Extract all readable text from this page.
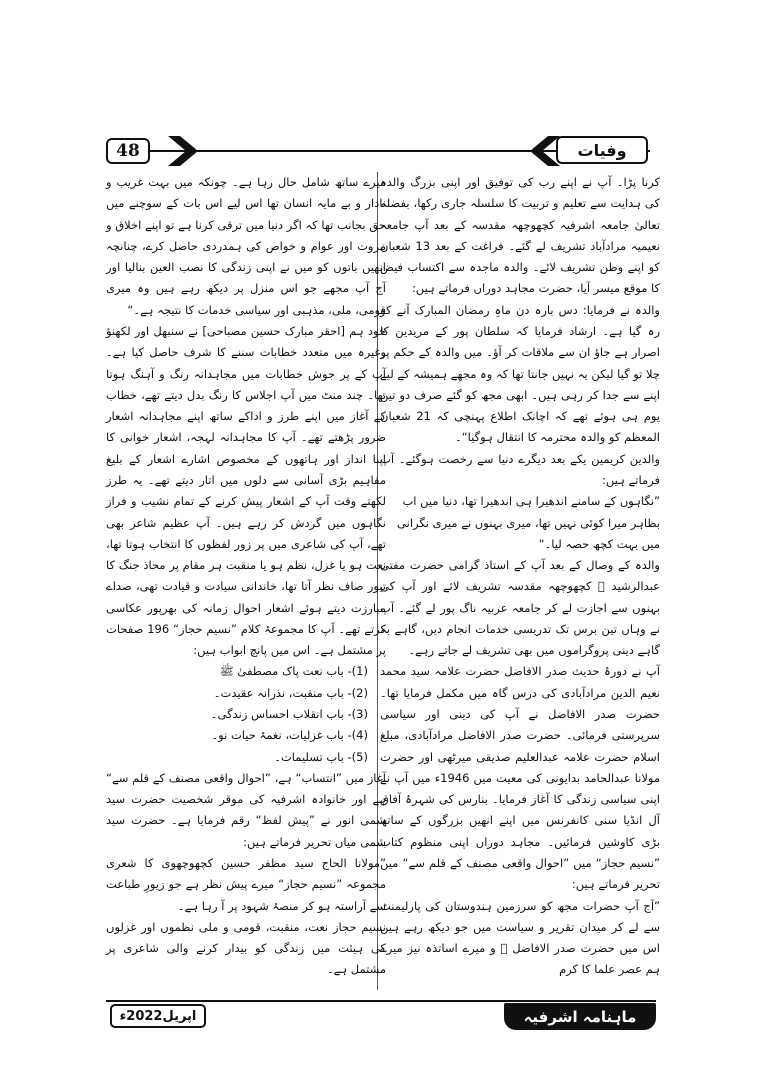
48	وفیات

کرنا پڑا۔ آپ نے اپنے رب کی توفیق اور اپنی بزرگ والدہ کی ہدایت سے تعلیم و تربیت کا سلسلہ جاری رکھا، بفضلہ تعالیٰ جامعہ اشرفیہ کچھوچھہ مقدسہ کے بعد آپ جامعہ نعیمیہ مرادآباد تشریف لے گئے۔ فراغت کے بعد 13 شعبان کو اپنے وطن تشریف لائے۔ والدہ ماجدہ سے اکتساب فیض کا موقع میسر آیا، حضرت مجاہد دوراں فرماتے ہیں:

والدہ نے فرمایا: دس بارہ دن ماہِ رمضان المبارک آنے کو رہ گیا ہے۔ ارشاد فرمایا کہ سلطان پور کے مریدین کا اصرار ہے جاؤ ان سے ملاقات کر آؤ۔ میں والدہ کے حکم پر چلا تو گیا لیکن یہ نہیں جانتا تھا کہ وہ مجھے ہمیشہ کے لیے اپنے سے جدا کر رہی ہیں۔ ابھی مجھ کو گئے صرف دو تین یوم ہی ہوئے تھے کہ اچانک اطلاع پہنچی کہ 21 شعبان المعظم کو والدہ محترمہ کا انتقال ہوگیا“۔

والدین کریمین یکے بعد دیگرے دنیا سے رخصت ہوگئے۔ آپ فرماتے ہیں:

”نگاہوں کے سامنے اندھیرا ہی اندھیرا تھا، دنیا میں اب بظاہر میرا کوئی نہیں تھا، میری بہنوں نے میری نگرانی میں بہت کچھ حصہ لیا۔“

والدہ کے وصال کے بعد آپ کے استاذ گرامی حضرت مفتی عبدالرشید ﷫ کچھوچھہ مقدسہ تشریف لائے اور آپ کی بہنوں سے اجازت لے کر جامعہ عربیہ ناگ پور لے گئے۔ آپ نے وہاں تین برس تک تدریسی خدمات انجام دیں، گاہے بہ گاہے دینی پروگراموں میں بھی تشریف لے جاتے رہے۔

آپ نے دورۂ حدیث صدر الافاضل حضرت علامہ سید محمد نعیم الدین مرادآبادی کی درس گاہ میں مکمل فرمایا تھا۔ حضرت صدر الافاضل نے آپ کی دینی اور سیاسی سرپرستی فرمائی۔ حضرت صدر الافاضل مرادآبادی، مبلغ اسلام حضرت علامہ عبدالعلیم صدیقی میرٹھی اور حضرت مولانا عبدالحامد بدایونی کی معیت میں 1946ء میں آپ نے اپنی سیاسی زندگی کا آغاز فرمایا۔ بنارس کی شہرۂ آفاق آل انڈیا سنی کانفرنس میں اپنے انھیں بزرگوں کے ساتھ بڑی کاوشیں فرمائیں۔ مجاہد دوراں اپنی منظوم کتاب ”نسیم حجاز“ میں ”احوال واقعی مصنف کے قلم سے“ میں تحریر فرماتے ہیں:

”آج آپ حضرات مجھ کو سرزمین ہندوستان کی پارلیمنٹ سے لے کر میدان تقریر و سیاست میں جو دیکھ رہے ہیں اس میں حضرت صدر الافاضل ﷫ و میرے اساتذہ نیز میرے ہم عصر علما کا کرم

میرے ساتھ شامل حال رہا ہے۔ چونکہ میں بہت غریب و نادار و بے مایہ انسان تھا اس لیے اس بات کے سوچنے میں حق بجانب تھا کہ اگر دنیا میں ترقی کرنا ہے تو اپنے اخلاق و مروت اور عوام و خواص کی ہمدردی حاصل کرے، چنانچہ انھیں باتوں کو میں نے اپنی زندگی کا نصب العین بنالیا اور آج آپ مجھے جو اس منزل پر دیکھ رہے ہیں وہ میری قومی، ملی، مذہبی اور سیاسی خدمات کا نتیجہ ہے۔“

خود ہم [احقر مبارک حسین مصباحی] نے سنبھل اور لکھنؤ وغیرہ میں متعدد خطابات سننے کا شرف حاصل کیا ہے۔ آپ کے پر جوش خطابات میں مجاہدانہ رنگ و آہنگ ہوتا تھا۔ چند منٹ میں آپ اجلاس کا رنگ بدل دیتے تھے، خطاب کے آغاز میں اپنے طرز و اداکے ساتھ اپنے مجاہدانہ اشعار ضرور پڑھتے تھے۔ آپ کا مجاہدانہ لہجہ، اشعار خوانی کا اپنا انداز اور ہاتھوں کے مخصوص اشارے اشعار کے بلیغ مفاہیم بڑی آسانی سے دلوں میں اتار دیتے تھے۔ یہ طرز لکھتے وقت آپ کے اشعار پیش کرنے کے تمام نشیب و فراز نگاہوں میں گردش کر رہے ہیں۔ آپ عظیم شاعر بھی تھے، آپ کی شاعری میں پر زور لفظوں کا انتخاب ہوتا تھا، نعت ہو یا غزل، نظم ہو یا منقبت ہر مقام پر محاذ جنگ کا تیور صاف نظر آتا تھا، خاندانی سیادت و قیادت تھی، صداے مبارزت دیتے ہوئے اشعار احوال زمانہ کی بھرپور عکاسی کرتے تھے۔ آپ کا مجموعۂ کلام ”نسیم حجاز“ 196 صفحات پر مشتمل ہے۔ اس میں پانچ ابواب ہیں:

(1)- باب نعت پاک مصطفیٰ ﷺ
(2)- باب منقبت، نذرانہ عقیدت۔
(3)- باب انقلاب احساس زندگی۔
(4)- باب غزلیات، نغمۂ حیات نو۔
(5)- باب تسلیمات۔

آغاز میں ”انتساب“ ہے، ”احوال واقعی مصنف کے قلم سے“ ہے اور خانوادہ اشرفیہ کی موقر شخصیت حضرت سید شمی انور نے ”پیش لفظ“ رقم فرمایا ہے۔ حضرت سید شمی میاں تحریر فرماتے ہیں:

”مولانا الحاج سید مظفر حسین کچھوچھوی کا شعری مجموعہ ”نسیم حجاز“ میرے پیش نظر ہے جو زیورِ طباعت سے آراستہ ہو کر منصۂ شہود پر آ رہا ہے۔

نسیم حجاز نعت، منقبت، قومی و ملی نظموں اور غزلوں کی ہیئت میں زندگی کو بیدار کرنے والی شاعری پر مشتمل ہے۔

اپریل2022ء	ماہنامہ اشرفیہ
